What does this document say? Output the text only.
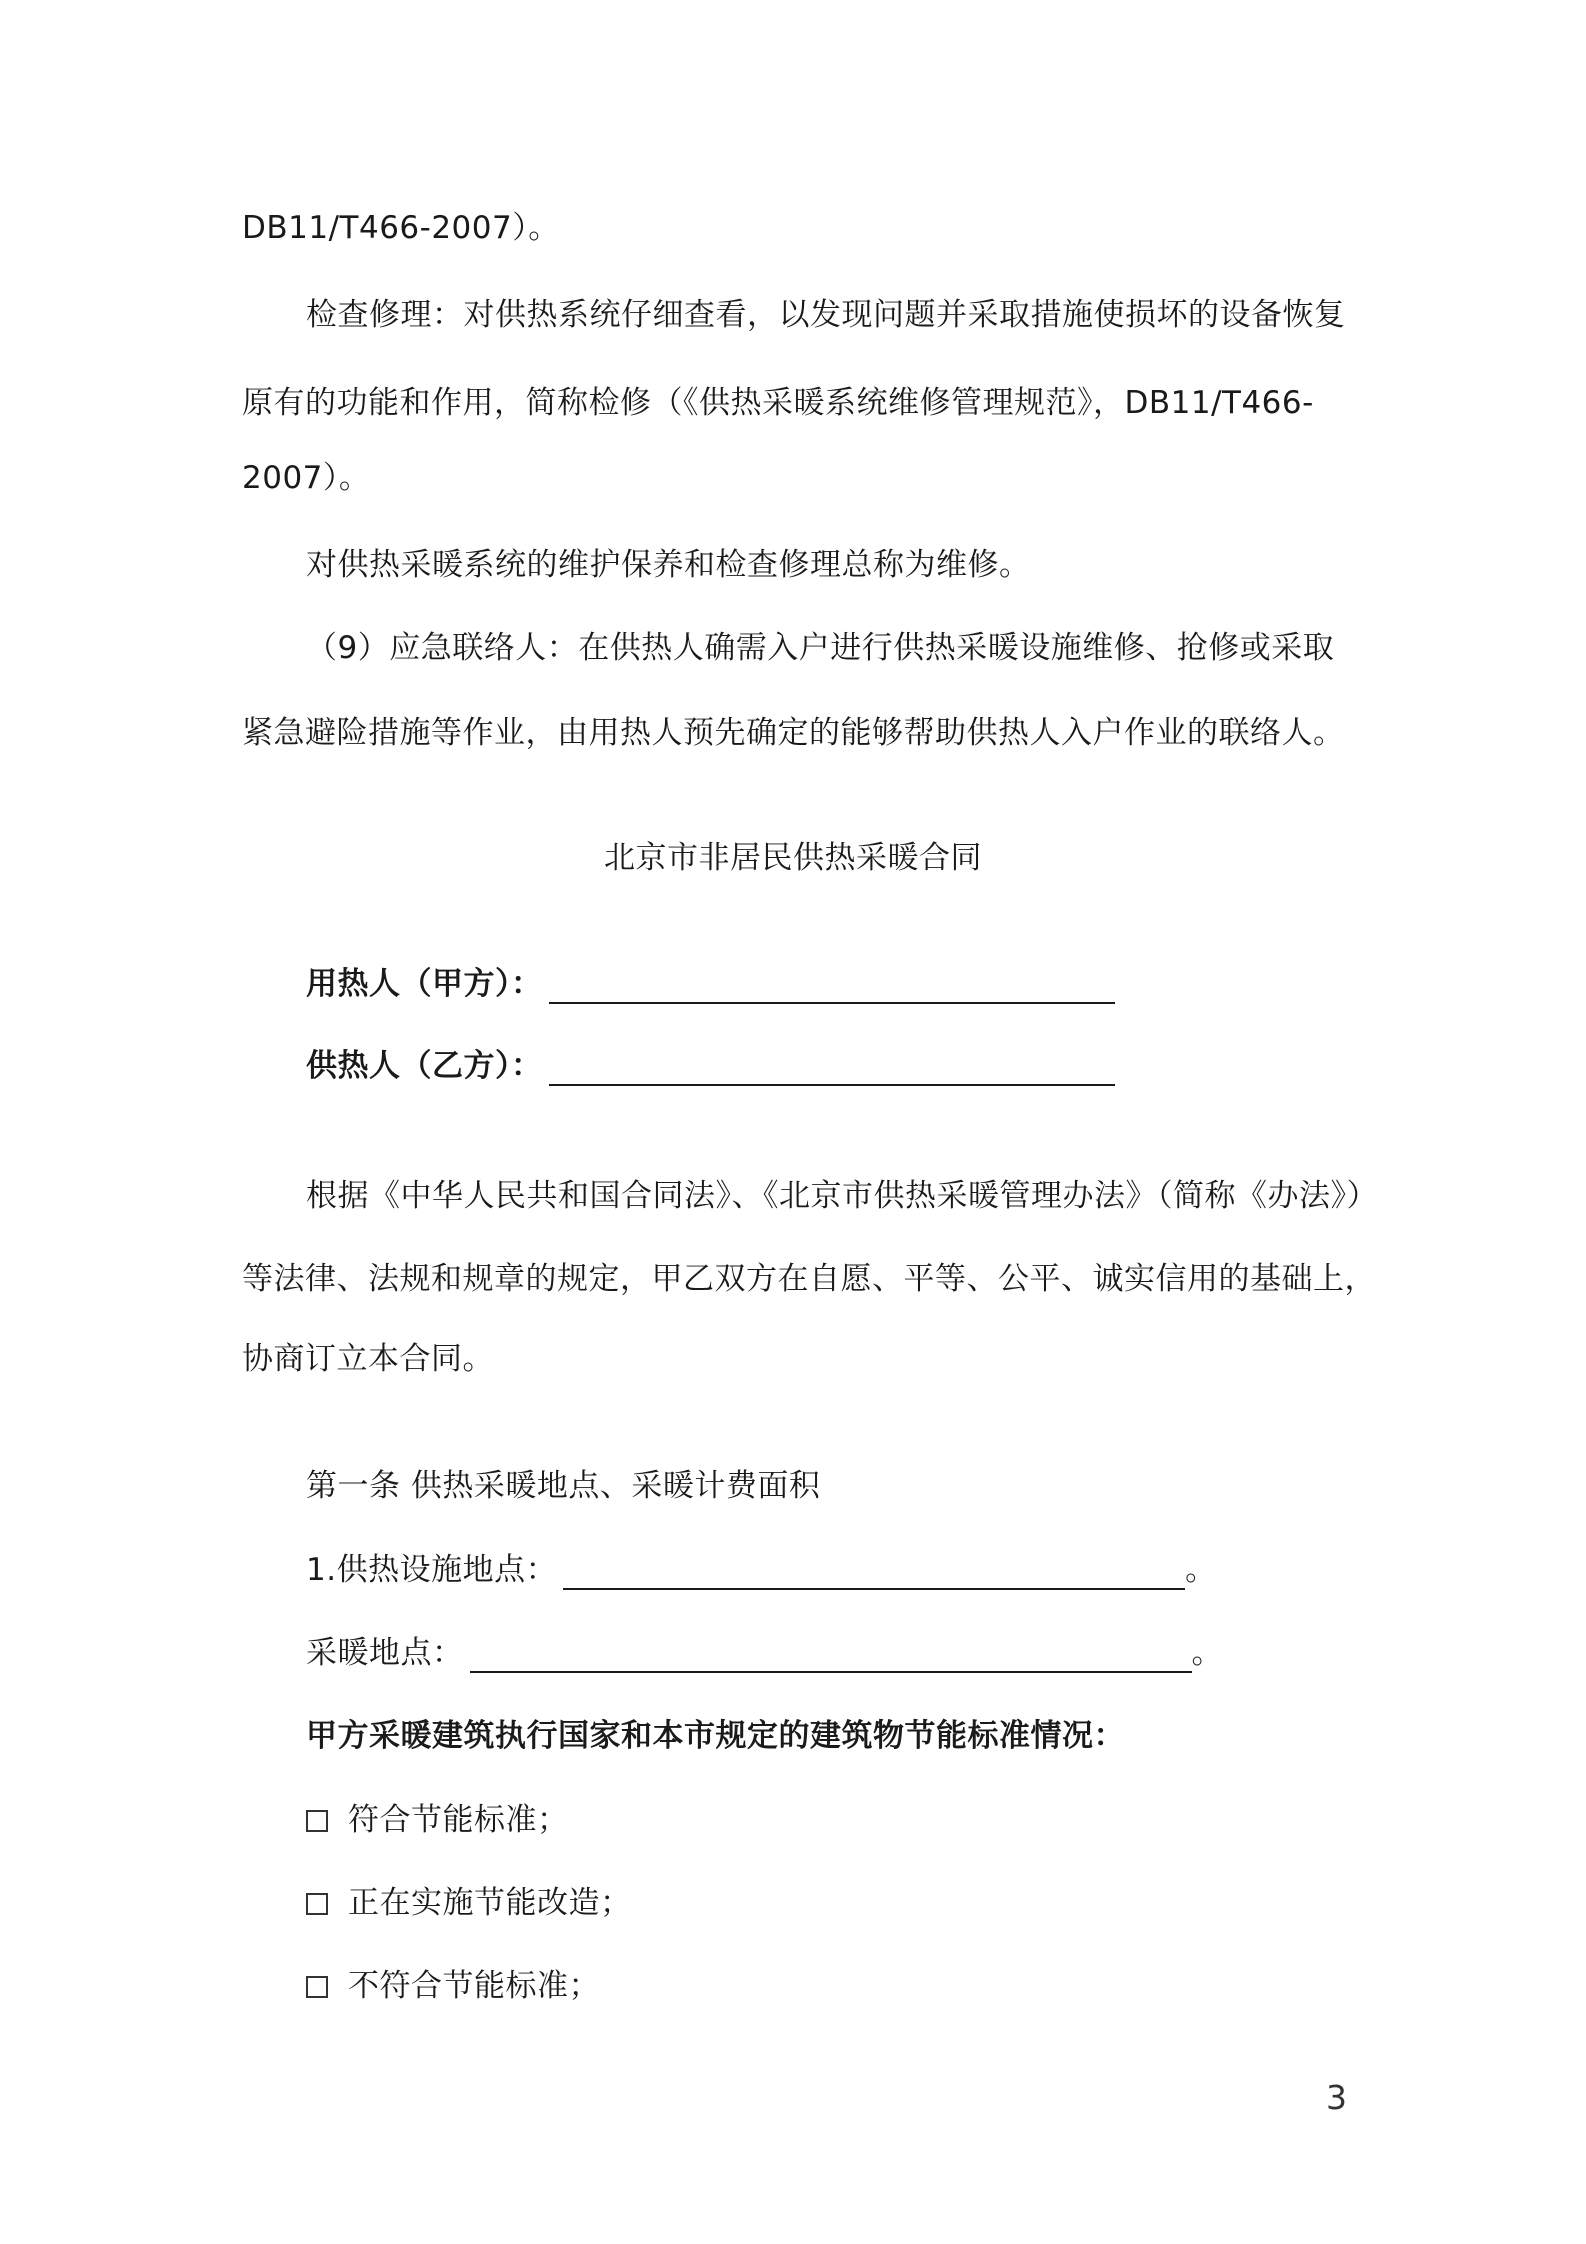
DB11/T466-2007）。
检查修理：对供热系统仔细查看，以发现问题并采取措施使损坏的设备恢复
原有的功能和作用，简称检修（《供热采暖系统维修管理规范》，DB11/T466-
2007）。
对供热采暖系统的维护保养和检查修理总称为维修。
（9）应急联络人：在供热人确需入户进行供热采暖设施维修、抢修或采取
紧急避险措施等作业，由用热人预先确定的能够帮助供热人入户作业的联络人。
北京市非居民供热采暖合同
用热人（甲方）：
供热人（乙方）：
根据《中华人民共和国合同法》、《北京市供热采暖管理办法》（简称《办法》）
等法律、法规和规章的规定，甲乙双方在自愿、平等、公平、诚实信用的基础上，
协商订立本合同。
第一条 供热采暖地点、采暖计费面积
1.供热设施地点：	。
采暖地点：	。
甲方采暖建筑执行国家和本市规定的建筑物节能标准情况：
符合节能标准；
正在实施节能改造；
不符合节能标准；
3
